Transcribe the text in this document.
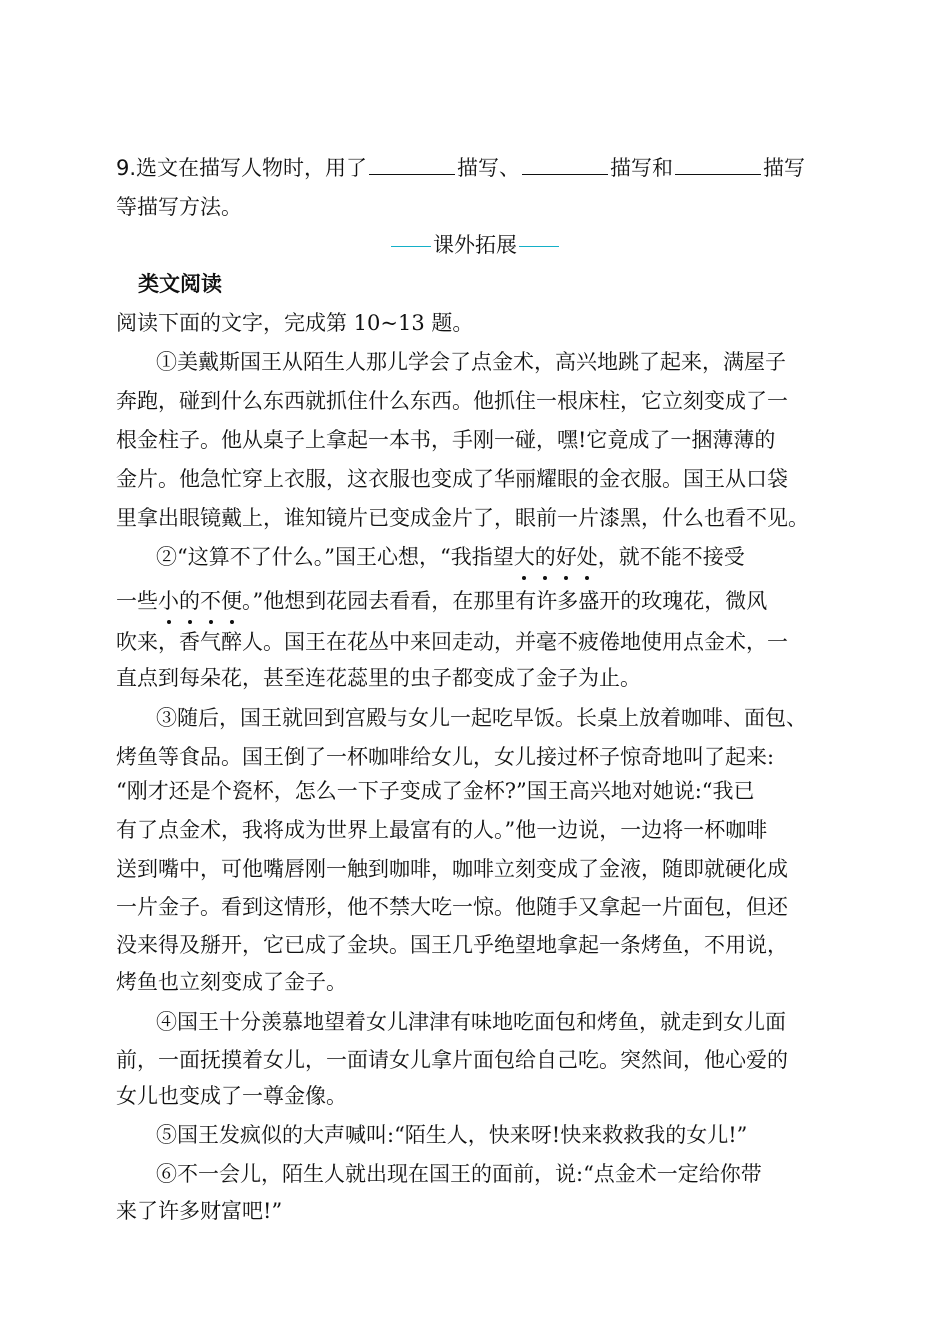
9.选文在描写人物时，用了	描写、	描写和	描写
等描写方法。
课外拓展
类文阅读
阅读下面的文字，完成第 10~13 题。
①美戴斯国王从陌生人那儿学会了点金术，高兴地跳了起来，满屋子
奔跑，碰到什么东西就抓住什么东西。他抓住一根床柱，它立刻变成了一
根金柱子。他从桌子上拿起一本书，手刚一碰，嘿!它竟成了一捆薄薄的
金片。他急忙穿上衣服，这衣服也变成了华丽耀眼的金衣服。国王从口袋
里拿出眼镜戴上，谁知镜片已变成金片了，眼前一片漆黑，什么也看不见。
②“这算不了什么。”国王心想，“我指望大的好处，就不能不接受
一些小的不便。”他想到花园去看看，在那里有许多盛开的玫瑰花，微风
吹来，香气醉人。国王在花丛中来回走动，并毫不疲倦地使用点金术，一
直点到每朵花，甚至连花蕊里的虫子都变成了金子为止。
③随后，国王就回到宫殿与女儿一起吃早饭。长桌上放着咖啡、面包、
烤鱼等食品。国王倒了一杯咖啡给女儿，女儿接过杯子惊奇地叫了起来:
“刚才还是个瓷杯，怎么一下子变成了金杯?”国王高兴地对她说:“我已
有了点金术，我将成为世界上最富有的人。”他一边说，一边将一杯咖啡
送到嘴中，可他嘴唇刚一触到咖啡，咖啡立刻变成了金液，随即就硬化成
一片金子。看到这情形，他不禁大吃一惊。他随手又拿起一片面包，但还
没来得及掰开，它已成了金块。国王几乎绝望地拿起一条烤鱼，不用说，
烤鱼也立刻变成了金子。
④国王十分羡慕地望着女儿津津有味地吃面包和烤鱼，就走到女儿面
前，一面抚摸着女儿，一面请女儿拿片面包给自己吃。突然间，他心爱的
女儿也变成了一尊金像。
⑤国王发疯似的大声喊叫:“陌生人，快来呀!快来救救我的女儿!”
⑥不一会儿，陌生人就出现在国王的面前，说:“点金术一定给你带
来了许多财富吧!”
